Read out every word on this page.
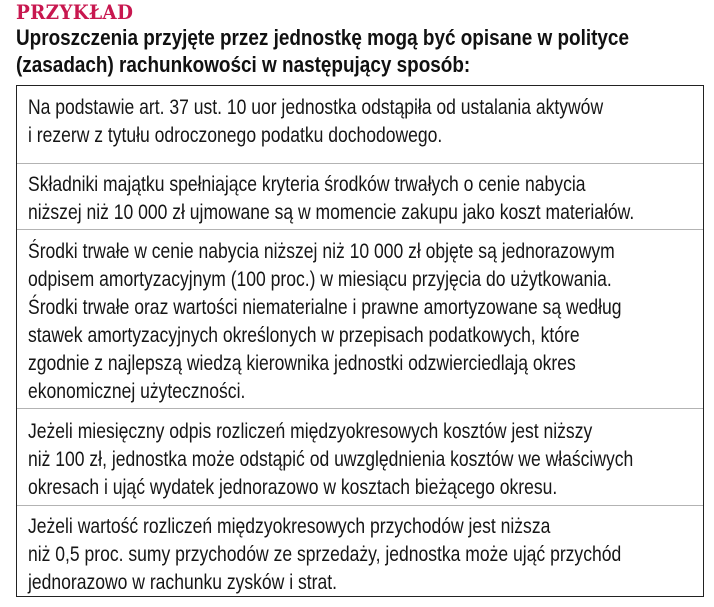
PRZYKŁAD
Uproszczenia przyjęte przez jednostkę mogą być opisane w polityce
(zasadach) rachunkowości w następujący sposób:
Na podstawie art. 37 ust. 10 uor jednostka odstąpiła od ustalania aktywów
i rezerw z tytułu odroczonego podatku dochodowego.
Składniki majątku spełniające kryteria środków trwałych o cenie nabycia
niższej niż 10 000 zł ujmowane są w momencie zakupu jako koszt materiałów.
Środki trwałe w cenie nabycia niższej niż 10 000 zł objęte są jednorazowym
odpisem amortyzacyjnym (100 proc.) w miesiącu przyjęcia do użytkowania.
Środki trwałe oraz wartości niematerialne i prawne amortyzowane są według
stawek amortyzacyjnych określonych w przepisach podatkowych, które
zgodnie z najlepszą wiedzą kierownika jednostki odzwierciedlają okres
ekonomicznej użyteczności.
Jeżeli miesięczny odpis rozliczeń międzyokresowych kosztów jest niższy
niż 100 zł, jednostka może odstąpić od uwzględnienia kosztów we właściwych
okresach i ująć wydatek jednorazowo w kosztach bieżącego okresu.
Jeżeli wartość rozliczeń międzyokresowych przychodów jest niższa
niż 0,5 proc. sumy przychodów ze sprzedaży, jednostka może ująć przychód
jednorazowo w rachunku zysków i strat.
